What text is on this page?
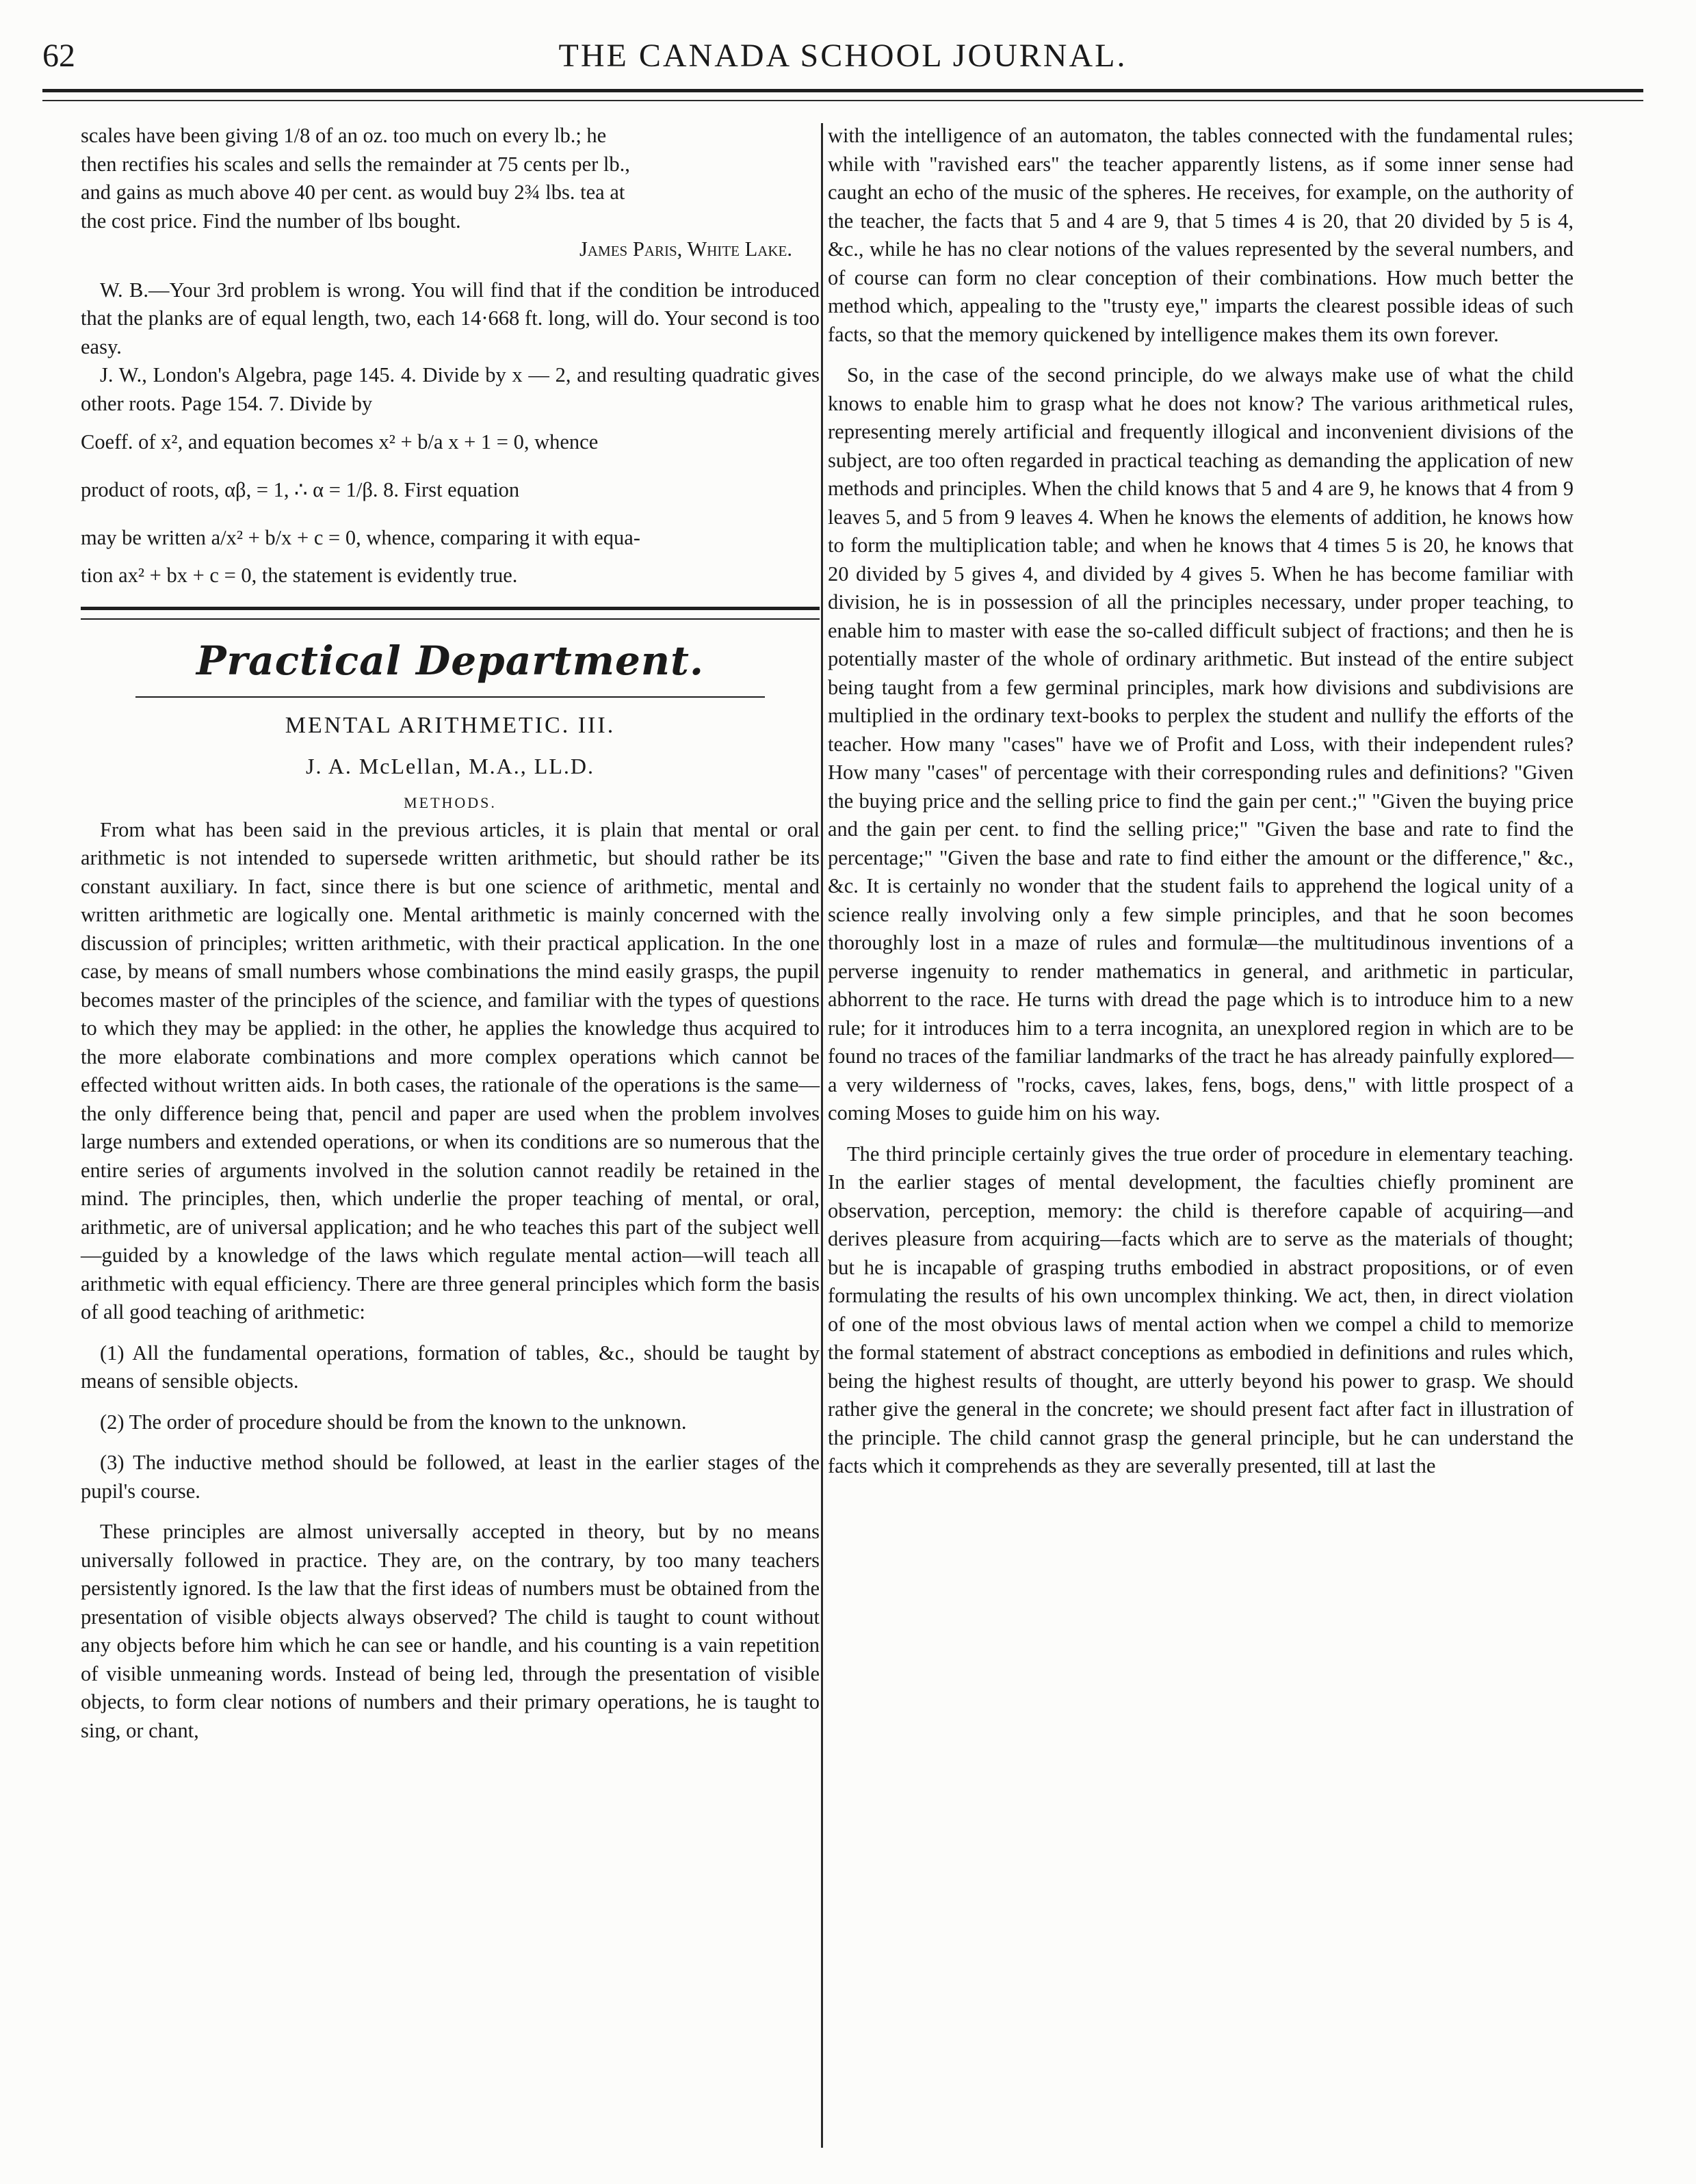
62	THE CANADA SCHOOL JOURNAL.

scales have been giving 1/8 of an oz. too much on every lb.; he

then rectifies his scales and sells the remainder at 75 cents per lb.,

and gains as much above 40 per cent. as would buy 2¾ lbs. tea at

the cost price. Find the number of lbs bought.

James Paris, White Lake.

W. B.—Your 3rd problem is wrong. You will find that if the condition be introduced that the planks are of equal length, two, each 14·668 ft. long, will do. Your second is too easy.

J. W., London's Algebra, page 145. 4. Divide by x — 2, and resulting quadratic gives other roots. Page 154. 7. Divide by

Coeff. of x², and equation becomes x² + b/a x + 1 = 0, whence

product of roots, αβ, = 1, ∴ α = 1/β. 8. First equation

may be written a/x² + b/x + c = 0, whence, comparing it with equa-

tion ax² + bx + c = 0, the statement is evidently true.

Practical Department.
MENTAL ARITHMETIC. III.
J. A. McLellan, M.A., LL.D.
METHODS.

From what has been said in the previous articles, it is plain that mental or oral arithmetic is not intended to supersede written arithmetic, but should rather be its constant auxiliary. In fact, since there is but one science of arithmetic, mental and written arithmetic are logically one. Mental arithmetic is mainly concerned with the discussion of principles; written arithmetic, with their practical application. In the one case, by means of small numbers whose combinations the mind easily grasps, the pupil becomes master of the principles of the science, and familiar with the types of questions to which they may be applied: in the other, he applies the knowledge thus acquired to the more elaborate combinations and more complex operations which cannot be effected without written aids. In both cases, the rationale of the operations is the same—the only difference being that, pencil and paper are used when the problem involves large numbers and extended operations, or when its conditions are so numerous that the entire series of arguments involved in the solution cannot readily be retained in the mind. The principles, then, which underlie the proper teaching of mental, or oral, arithmetic, are of universal application; and he who teaches this part of the subject well—guided by a knowledge of the laws which regulate mental action—will teach all arithmetic with equal efficiency. There are three general principles which form the basis of all good teaching of arithmetic:

(1) All the fundamental operations, formation of tables, &c., should be taught by means of sensible objects.

(2) The order of procedure should be from the known to the unknown.

(3) The inductive method should be followed, at least in the earlier stages of the pupil's course.

These principles are almost universally accepted in theory, but by no means universally followed in practice. They are, on the contrary, by too many teachers persistently ignored. Is the law that the first ideas of numbers must be obtained from the presentation of visible objects always observed? The child is taught to count without any objects before him which he can see or handle, and his counting is a vain repetition of visible unmeaning words. Instead of being led, through the presentation of visible objects, to form clear notions of numbers and their primary operations, he is taught to sing, or chant,

with the intelligence of an automaton, the tables connected with the fundamental rules; while with "ravished ears" the teacher apparently listens, as if some inner sense had caught an echo of the music of the spheres. He receives, for example, on the authority of the teacher, the facts that 5 and 4 are 9, that 5 times 4 is 20, that 20 divided by 5 is 4, &c., while he has no clear notions of the values represented by the several numbers, and of course can form no clear conception of their combinations. How much better the method which, appealing to the "trusty eye," imparts the clearest possible ideas of such facts, so that the memory quickened by intelligence makes them its own forever.

So, in the case of the second principle, do we always make use of what the child knows to enable him to grasp what he does not know? The various arithmetical rules, representing merely artificial and frequently illogical and inconvenient divisions of the subject, are too often regarded in practical teaching as demanding the application of new methods and principles. When the child knows that 5 and 4 are 9, he knows that 4 from 9 leaves 5, and 5 from 9 leaves 4. When he knows the elements of addition, he knows how to form the multiplication table; and when he knows that 4 times 5 is 20, he knows that 20 divided by 5 gives 4, and divided by 4 gives 5. When he has become familiar with division, he is in possession of all the principles necessary, under proper teaching, to enable him to master with ease the so-called difficult subject of fractions; and then he is potentially master of the whole of ordinary arithmetic. But instead of the entire subject being taught from a few germinal principles, mark how divisions and subdivisions are multiplied in the ordinary text-books to perplex the student and nullify the efforts of the teacher. How many "cases" have we of Profit and Loss, with their independent rules? How many "cases" of percentage with their corresponding rules and definitions? "Given the buying price and the selling price to find the gain per cent.;" "Given the buying price and the gain per cent. to find the selling price;" "Given the base and rate to find the percentage;" "Given the base and rate to find either the amount or the difference," &c., &c. It is certainly no wonder that the student fails to apprehend the logical unity of a science really involving only a few simple principles, and that he soon becomes thoroughly lost in a maze of rules and formulæ—the multitudinous inventions of a perverse ingenuity to render mathematics in general, and arithmetic in particular, abhorrent to the race. He turns with dread the page which is to introduce him to a new rule; for it introduces him to a terra incognita, an unexplored region in which are to be found no traces of the familiar landmarks of the tract he has already painfully explored—a very wilderness of "rocks, caves, lakes, fens, bogs, dens," with little prospect of a coming Moses to guide him on his way.

The third principle certainly gives the true order of procedure in elementary teaching. In the earlier stages of mental development, the faculties chiefly prominent are observation, perception, memory: the child is therefore capable of acquiring—and derives pleasure from acquiring—facts which are to serve as the materials of thought; but he is incapable of grasping truths embodied in abstract propositions, or of even formulating the results of his own uncomplex thinking. We act, then, in direct violation of one of the most obvious laws of mental action when we compel a child to memorize the formal statement of abstract conceptions as embodied in definitions and rules which, being the highest results of thought, are utterly beyond his power to grasp. We should rather give the general in the concrete; we should present fact after fact in illustration of the principle. The child cannot grasp the general principle, but he can understand the facts which it comprehends as they are severally presented, till at last the
